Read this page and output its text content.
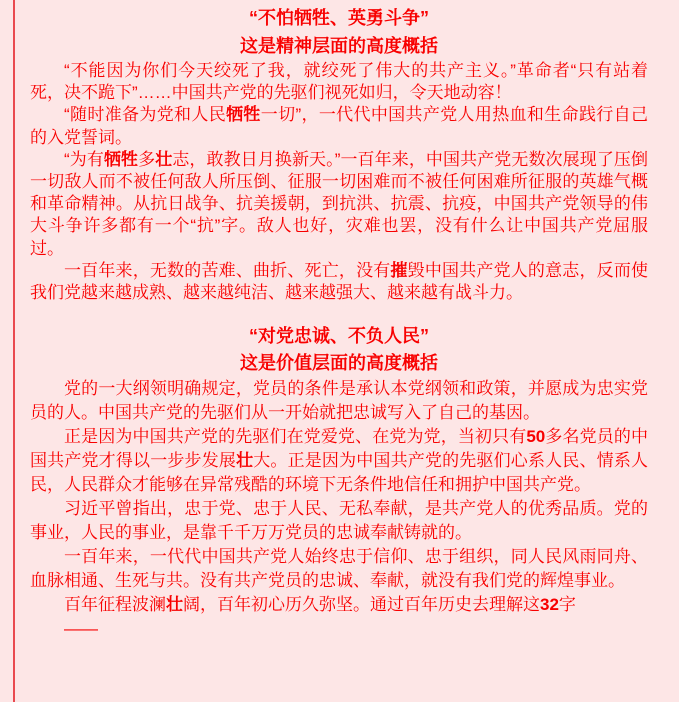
“不怕牺牲、英勇斗争”
这是精神层面的高度概括

“不能因为你们今天绞死了我，就绞死了伟大的共产主义。”革命者“只有站着死，决不跪下”……中国共产党的先驱们视死如归，令天地动容！

“随时准备为党和人民牺牲一切”，一代代中国共产党人用热血和生命践行自己的入党誓词。

“为有牺牲多壮志，敢教日月换新天。”一百年来，中国共产党无数次展现了压倒一切敌人而不被任何敌人所压倒、征服一切困难而不被任何困难所征服的英雄气概和革命精神。从抗日战争、抗美援朝，到抗洪、抗震、抗疫，中国共产党领导的伟大斗争许多都有一个“抗”字。敌人也好，灾难也罢，没有什么让中国共产党屈服过。

一百年来，无数的苦难、曲折、死亡，没有摧毁中国共产党人的意志，反而使我们党越来越成熟、越来越纯洁、越来越强大、越来越有战斗力。

“对党忠诚、不负人民”
这是价值层面的高度概括

党的一大纲领明确规定，党员的条件是承认本党纲领和政策，并愿成为忠实党员的人。中国共产党的先驱们从一开始就把忠诚写入了自己的基因。

正是因为中国共产党的先驱们在党爱党、在党为党，当初只有50多名党员的中国共产党才得以一步步发展壮大。正是因为中国共产党的先驱们心系人民、情系人民，人民群众才能够在异常残酷的环境下无条件地信任和拥护中国共产党。

习近平曾指出，忠于党、忠于人民、无私奉献，是共产党人的优秀品质。党的事业，人民的事业，是靠千千万万党员的忠诚奉献铸就的。

一百年来，一代代中国共产党人始终忠于信仰、忠于组织，同人民风雨同舟、血脉相通、生死与共。没有共产党员的忠诚、奉献，就没有我们党的辉煌事业。

百年征程波澜壮阔，百年初心历久弥坚。通过百年历史去理解这32字

——
